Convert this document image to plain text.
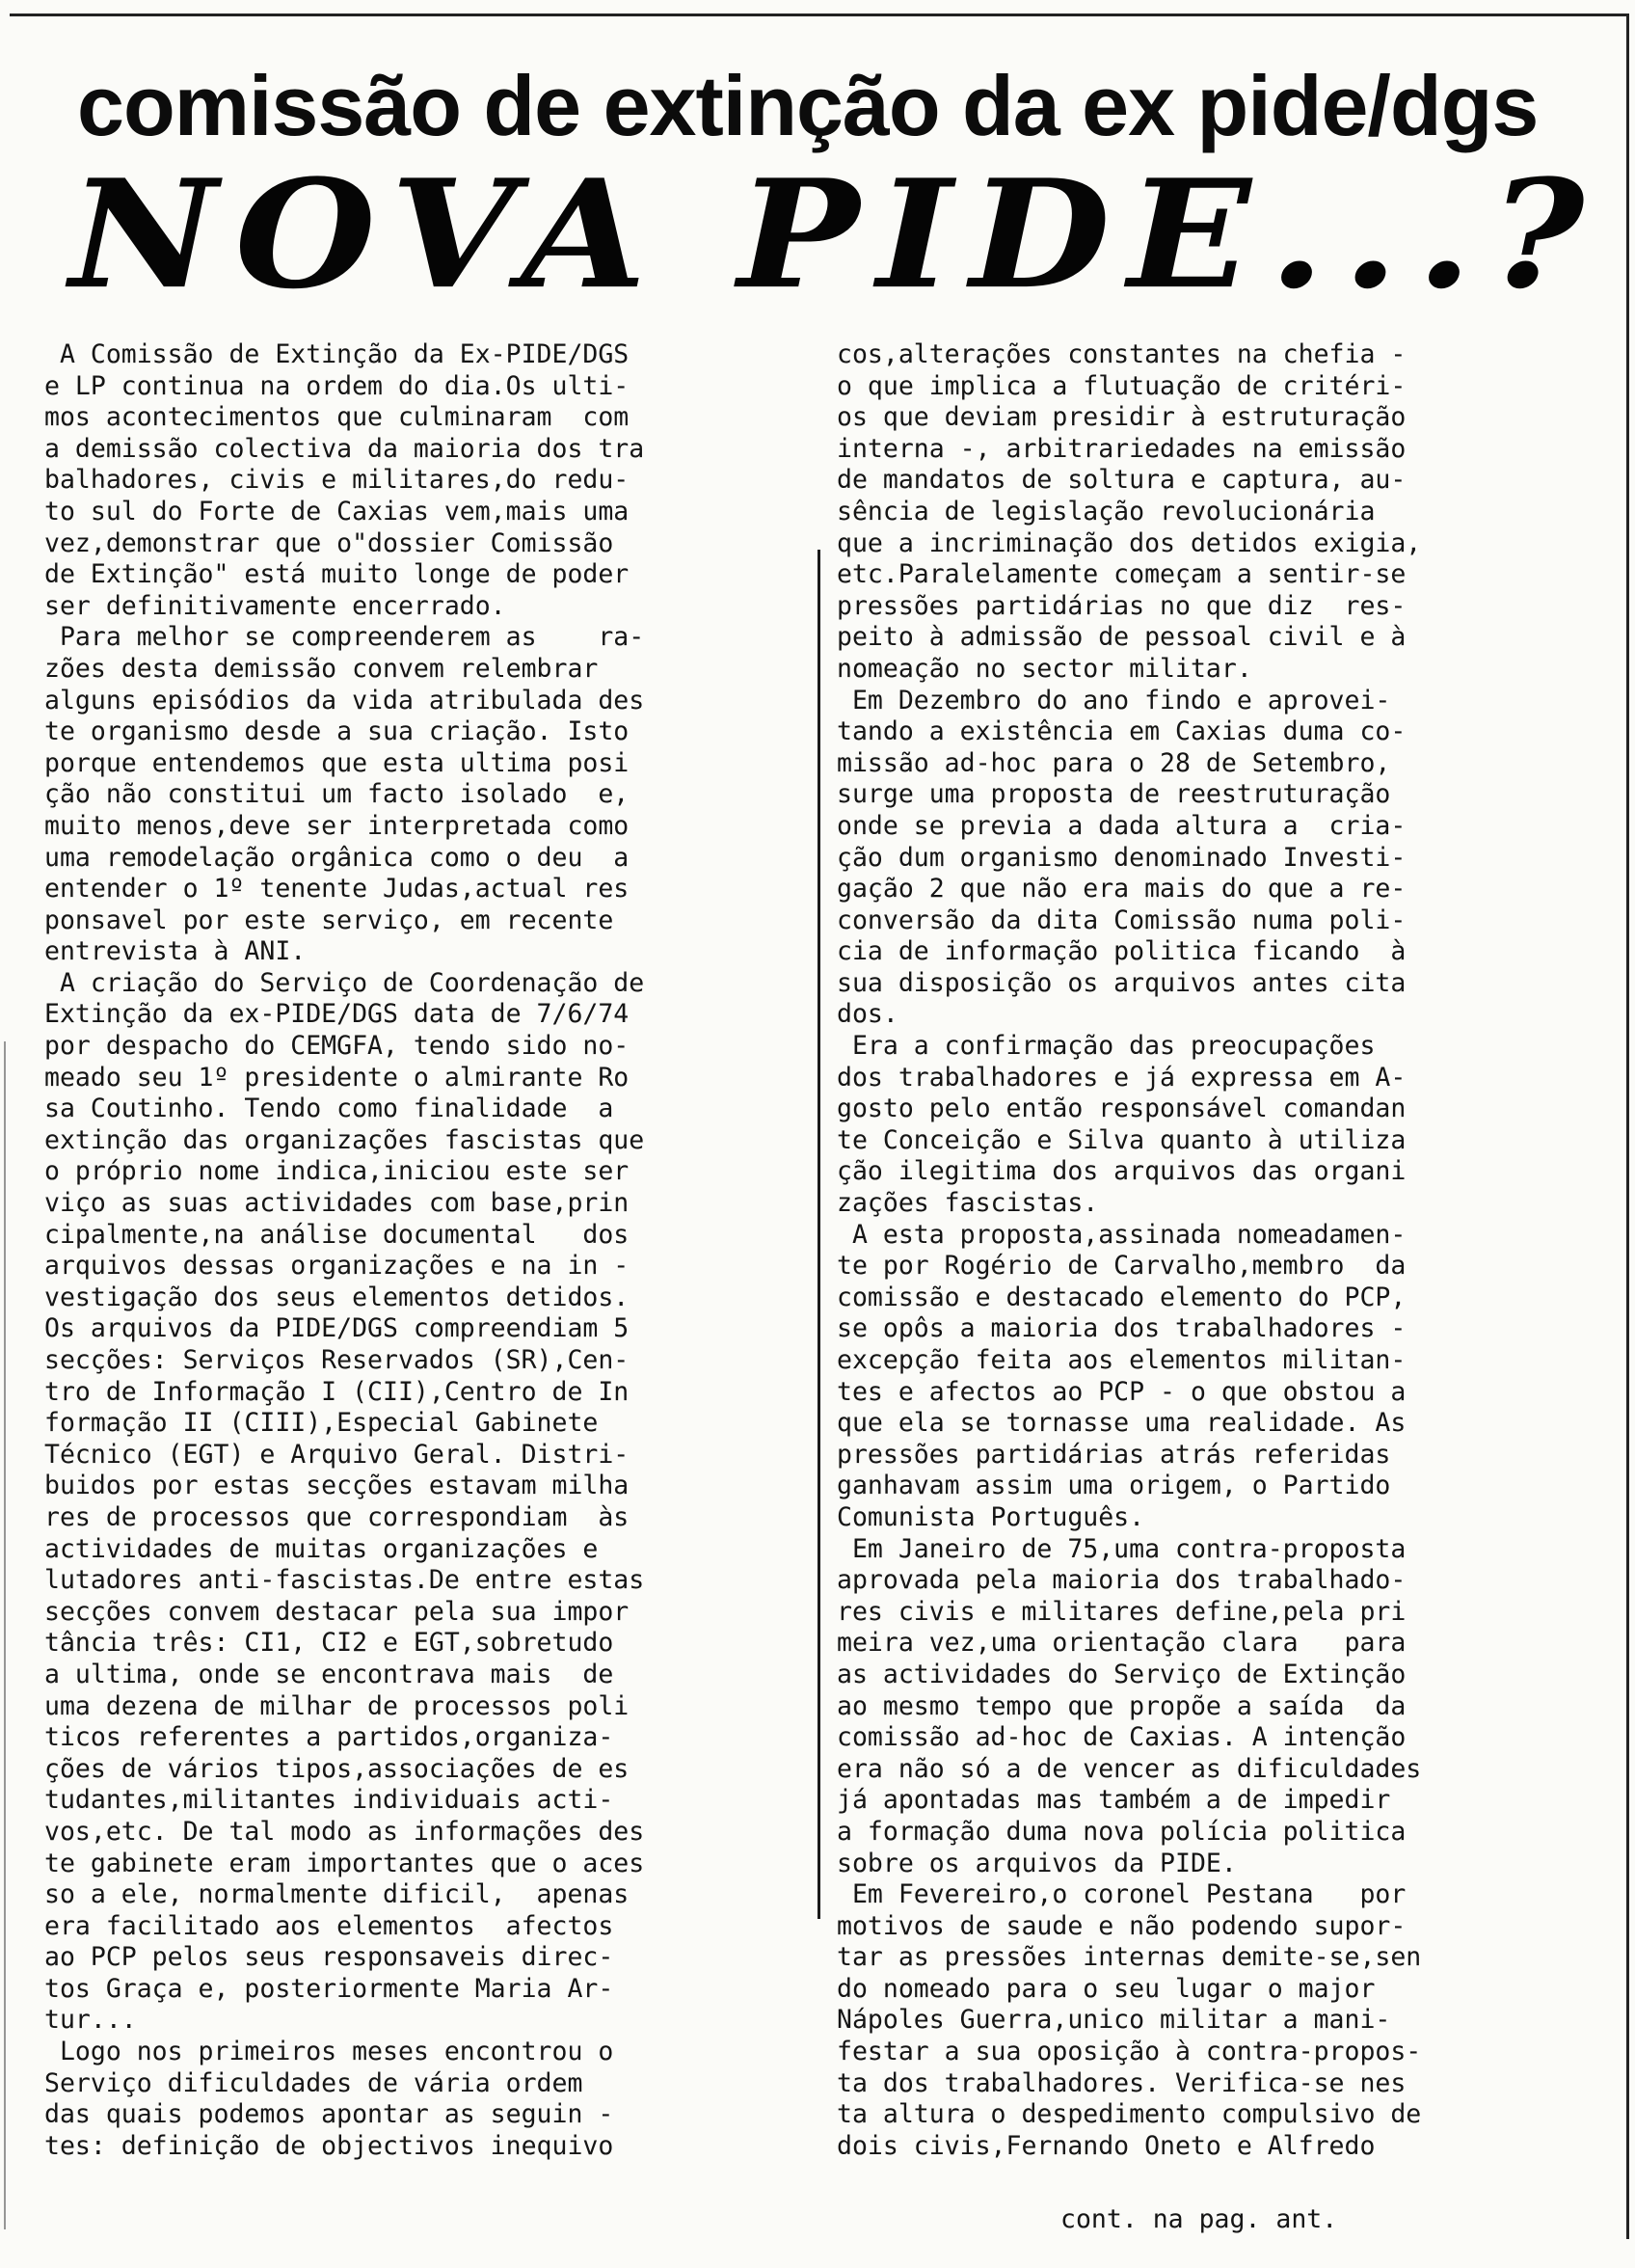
comissão de extinção da ex pide/dgs
NOVA PIDE...?
A Comissão de Extinção da Ex-PIDE/DGS
e LP continua na ordem do dia.Os ulti-
mos acontecimentos que culminaram  com
a demissão colectiva da maioria dos tra
balhadores, civis e militares,do redu-
to sul do Forte de Caxias vem,mais uma
vez,demonstrar que o"dossier Comissão
de Extinção" está muito longe de poder
ser definitivamente encerrado.
Para melhor se compreenderem as    ra-
zões desta demissão convem relembrar
alguns episódios da vida atribulada des
te organismo desde a sua criação. Isto
porque entendemos que esta ultima posi
ção não constitui um facto isolado  e,
muito menos,deve ser interpretada como
uma remodelação orgânica como o deu  a
entender o 1º tenente Judas,actual res
ponsavel por este serviço, em recente
entrevista à ANI.
A criação do Serviço de Coordenação de
Extinção da ex-PIDE/DGS data de 7/6/74
por despacho do CEMGFA, tendo sido no-
meado seu 1º presidente o almirante Ro
sa Coutinho. Tendo como finalidade  a
extinção das organizações fascistas que
o próprio nome indica,iniciou este ser
viço as suas actividades com base,prin
cipalmente,na análise documental   dos
arquivos dessas organizações e na in -
vestigação dos seus elementos detidos.
Os arquivos da PIDE/DGS compreendiam 5
secções: Serviços Reservados (SR),Cen-
tro de Informação I (CII),Centro de In
formação II (CIII),Especial Gabinete
Técnico (EGT) e Arquivo Geral. Distri-
buidos por estas secções estavam milha
res de processos que correspondiam  às
actividades de muitas organizações e
lutadores anti-fascistas.De entre estas
secções convem destacar pela sua impor
tância três: CI1, CI2 e EGT,sobretudo
a ultima, onde se encontrava mais  de
uma dezena de milhar de processos poli
ticos referentes a partidos,organiza-
ções de vários tipos,associações de es
tudantes,militantes individuais acti-
vos,etc. De tal modo as informações des
te gabinete eram importantes que o aces
so a ele, normalmente dificil,  apenas
era facilitado aos elementos  afectos
ao PCP pelos seus responsaveis direc-
tos Graça e, posteriormente Maria Ar-
tur...
Logo nos primeiros meses encontrou o
Serviço dificuldades de vária ordem
das quais podemos apontar as seguin -
tes: definição de objectivos inequivo
cos,alterações constantes na chefia -
o que implica a flutuação de critéri-
os que deviam presidir à estruturação
interna -, arbitrariedades na emissão
de mandatos de soltura e captura, au-
sência de legislação revolucionária
que a incriminação dos detidos exigia,
etc.Paralelamente começam a sentir-se
pressões partidárias no que diz  res-
peito à admissão de pessoal civil e à
nomeação no sector militar.
Em Dezembro do ano findo e aprovei-
tando a existência em Caxias duma co-
missão ad-hoc para o 28 de Setembro,
surge uma proposta de reestruturação
onde se previa a dada altura a  cria-
ção dum organismo denominado Investi-
gação 2 que não era mais do que a re-
conversão da dita Comissão numa poli-
cia de informação politica ficando  à
sua disposição os arquivos antes cita
dos.
Era a confirmação das preocupações
dos trabalhadores e já expressa em A-
gosto pelo então responsável comandan
te Conceição e Silva quanto à utiliza
ção ilegitima dos arquivos das organi
zações fascistas.
A esta proposta,assinada nomeadamen-
te por Rogério de Carvalho,membro  da
comissão e destacado elemento do PCP,
se opôs a maioria dos trabalhadores -
excepção feita aos elementos militan-
tes e afectos ao PCP - o que obstou a
que ela se tornasse uma realidade. As
pressões partidárias atrás referidas
ganhavam assim uma origem, o Partido
Comunista Português.
Em Janeiro de 75,uma contra-proposta
aprovada pela maioria dos trabalhado-
res civis e militares define,pela pri
meira vez,uma orientação clara   para
as actividades do Serviço de Extinção
ao mesmo tempo que propõe a saída  da
comissão ad-hoc de Caxias. A intenção
era não só a de vencer as dificuldades
já apontadas mas também a de impedir
a formação duma nova polícia politica
sobre os arquivos da PIDE.
Em Fevereiro,o coronel Pestana   por
motivos de saude e não podendo supor-
tar as pressões internas demite-se,sen
do nomeado para o seu lugar o major
Nápoles Guerra,unico militar a mani-
festar a sua oposição à contra-propos-
ta dos trabalhadores. Verifica-se nes
ta altura o despedimento compulsivo de
dois civis,Fernando Oneto e Alfredo
cont. na pag. ant.
